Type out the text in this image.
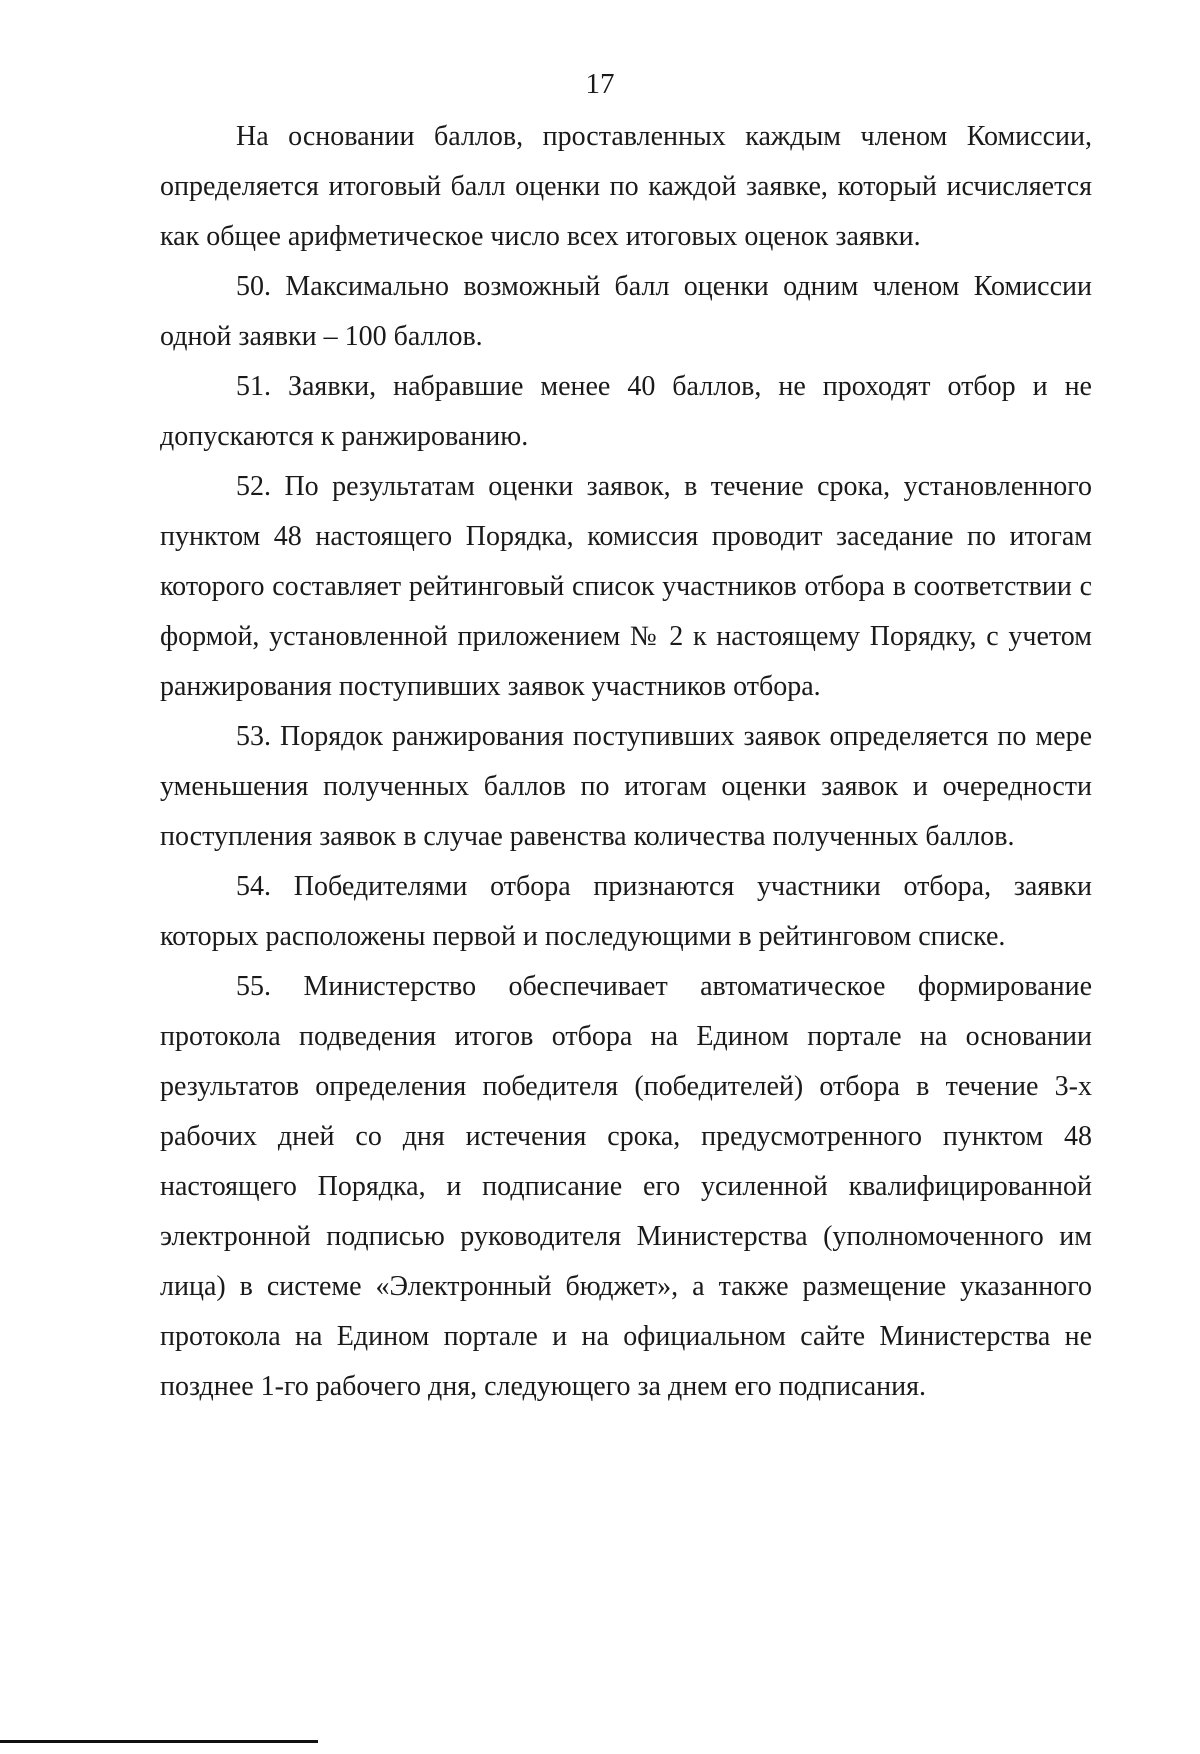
17

На основании баллов, проставленных каждым членом Комиссии, определяется итоговый балл оценки по каждой заявке, который исчисляется как общее арифметическое число всех итоговых оценок заявки.

50. Максимально возможный балл оценки одним членом Комиссии одной заявки – 100 баллов.

51. Заявки, набравшие менее 40 баллов, не проходят отбор и не допускаются к ранжированию.

52. По результатам оценки заявок, в течение срока, установленного пунктом 48 настоящего Порядка, комиссия проводит заседание по итогам которого составляет рейтинговый список участников отбора в соответствии с формой, установленной приложением № 2 к настоящему Порядку, с учетом ранжирования поступивших заявок участников отбора.

53. Порядок ранжирования поступивших заявок определяется по мере уменьшения полученных баллов по итогам оценки заявок и очередности поступления заявок в случае равенства количества полученных баллов.

54. Победителями отбора признаются участники отбора, заявки которых расположены первой и последующими в рейтинговом списке.

55. Министерство обеспечивает автоматическое формирование протокола подведения итогов отбора на Едином портале на основании результатов определения победителя (победителей) отбора в течение 3-х рабочих дней со дня истечения срока, предусмотренного пунктом 48 настоящего Порядка, и подписание его усиленной квалифицированной электронной подписью руководителя Министерства (уполномоченного им лица) в системе «Электронный бюджет», а также размещение указанного протокола на Едином портале и на официальном сайте Министерства не позднее 1-го рабочего дня, следующего за днем его подписания.
